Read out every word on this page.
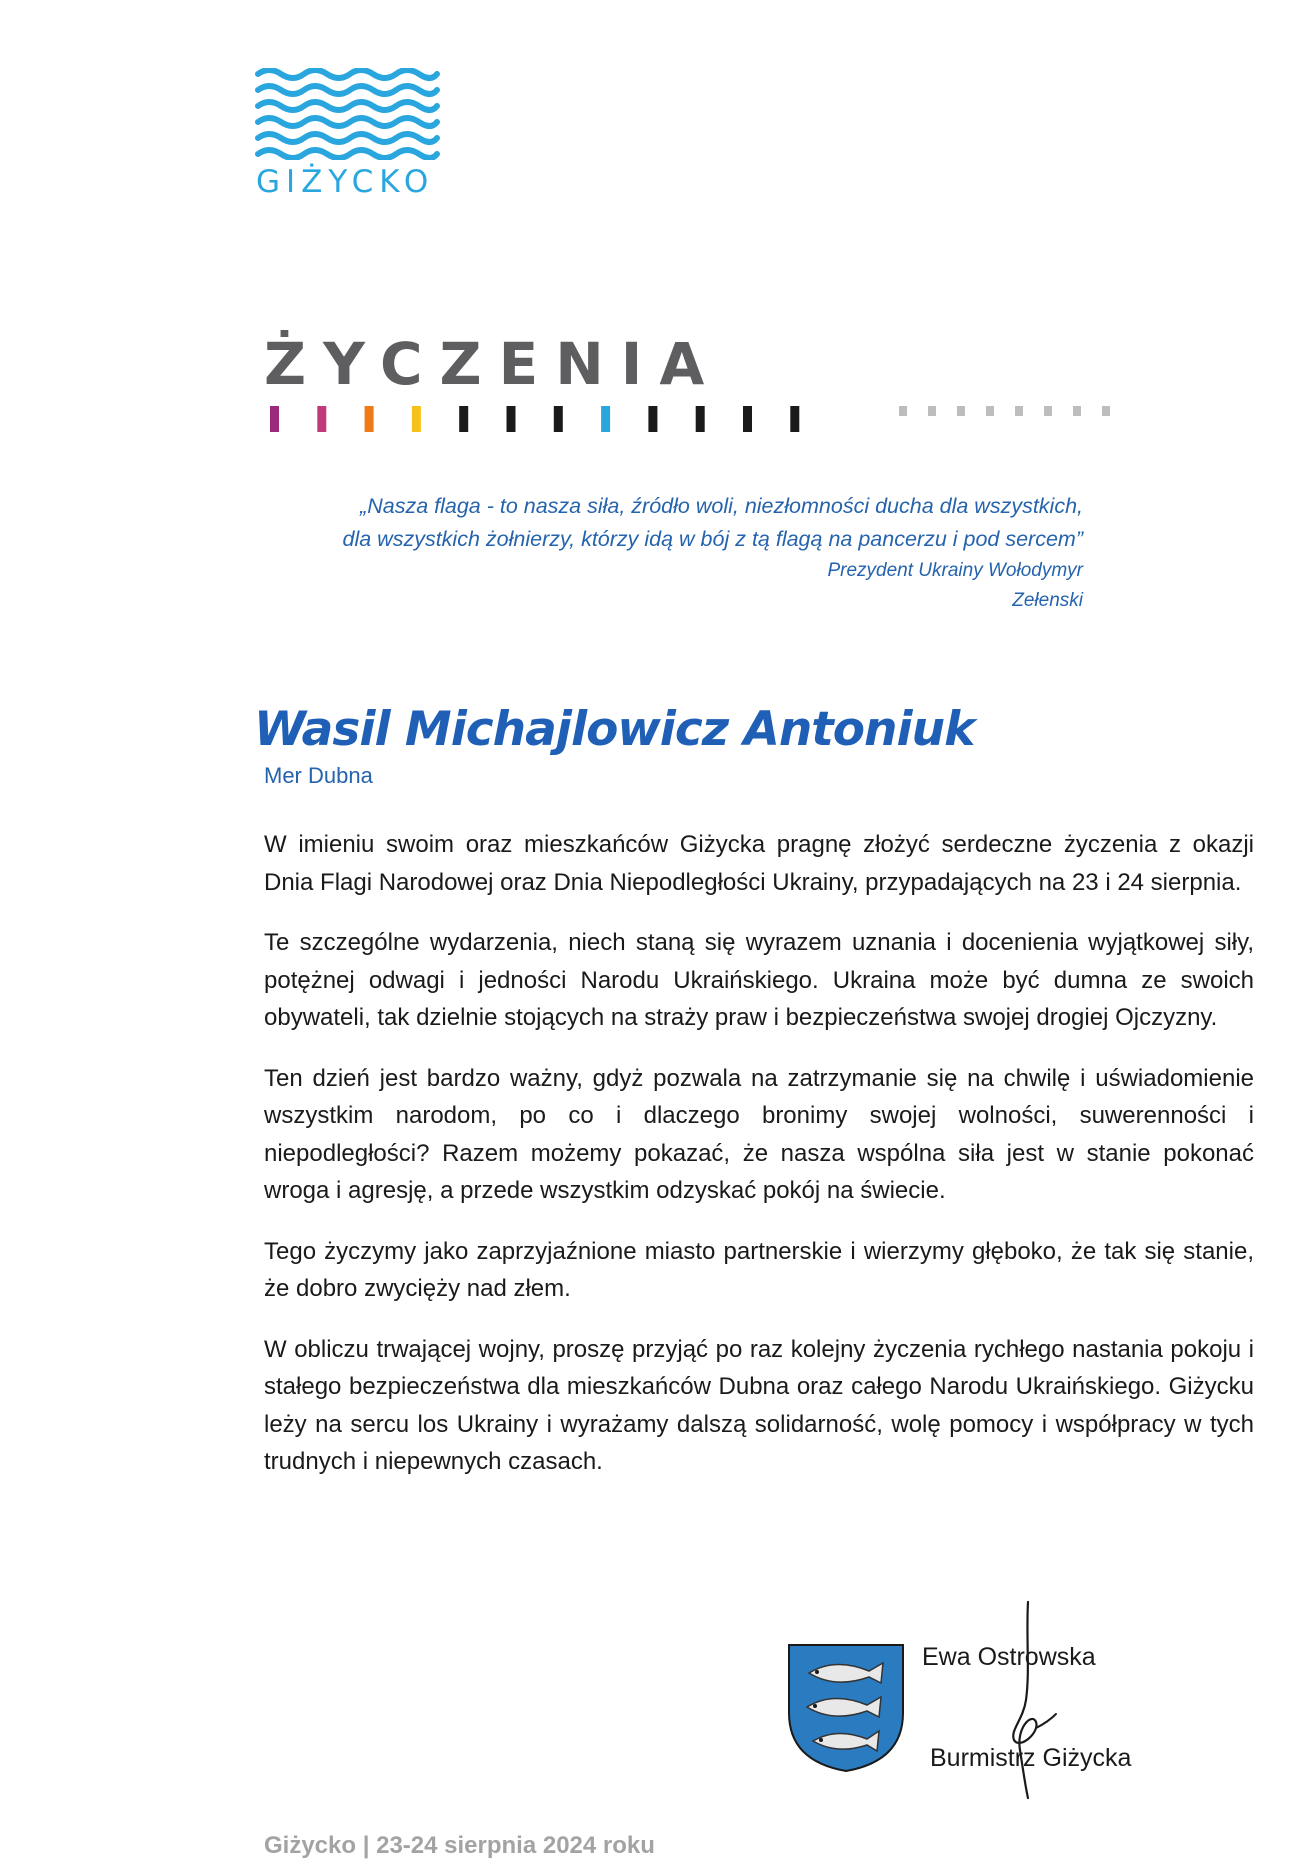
GIŻYCKO
ŻYCZENIA
„Nasza flaga - to nasza siła, źródło woli, niezłomności ducha dla wszystkich,
dla wszystkich żołnierzy, którzy idą w bój z tą flagą na pancerzu i pod sercem”
Prezydent Ukrainy Wołodymyr
Zełenski
Wasil Michajlowicz Antoniuk
Mer Dubna

W imieniu swoim oraz mieszkańców Giżycka pragnę złożyć serdeczne życzenia z okazji Dnia Flagi Narodowej oraz Dnia Niepodległości Ukrainy, przypadających na 23 i 24 sierpnia.

Te szczególne wydarzenia, niech staną się wyrazem uznania i docenienia wyjątkowej siły, potężnej odwagi i jedności Narodu Ukraińskiego. Ukraina może być dumna ze swoich obywateli, tak dzielnie stojących na straży praw i bezpieczeństwa swojej drogiej Ojczyzny.

Ten dzień jest bardzo ważny, gdyż pozwala na zatrzymanie się na chwilę i uświadomienie wszystkim narodom, po co i dlaczego bronimy swojej wolności, suwerenności i niepodległości? Razem możemy pokazać, że nasza wspólna siła jest w stanie pokonać wroga i agresję, a przede wszystkim odzyskać pokój na świecie.

Tego życzymy jako zaprzyjaźnione miasto partnerskie i wierzymy głęboko, że tak się stanie, że dobro zwycięży nad złem.

W obliczu trwającej wojny, proszę przyjąć po raz kolejny życzenia rychłego nastania pokoju i stałego bezpieczeństwa dla mieszkańców Dubna oraz całego Narodu Ukraińskiego. Giżycku leży na sercu los Ukrainy i wyrażamy dalszą solidarność, wolę pomocy i współpracy w tych trudnych i niepewnych czasach.

Ewa Ostrowska
Burmistrz Giżycka
Giżycko | 23-24 sierpnia 2024 roku
